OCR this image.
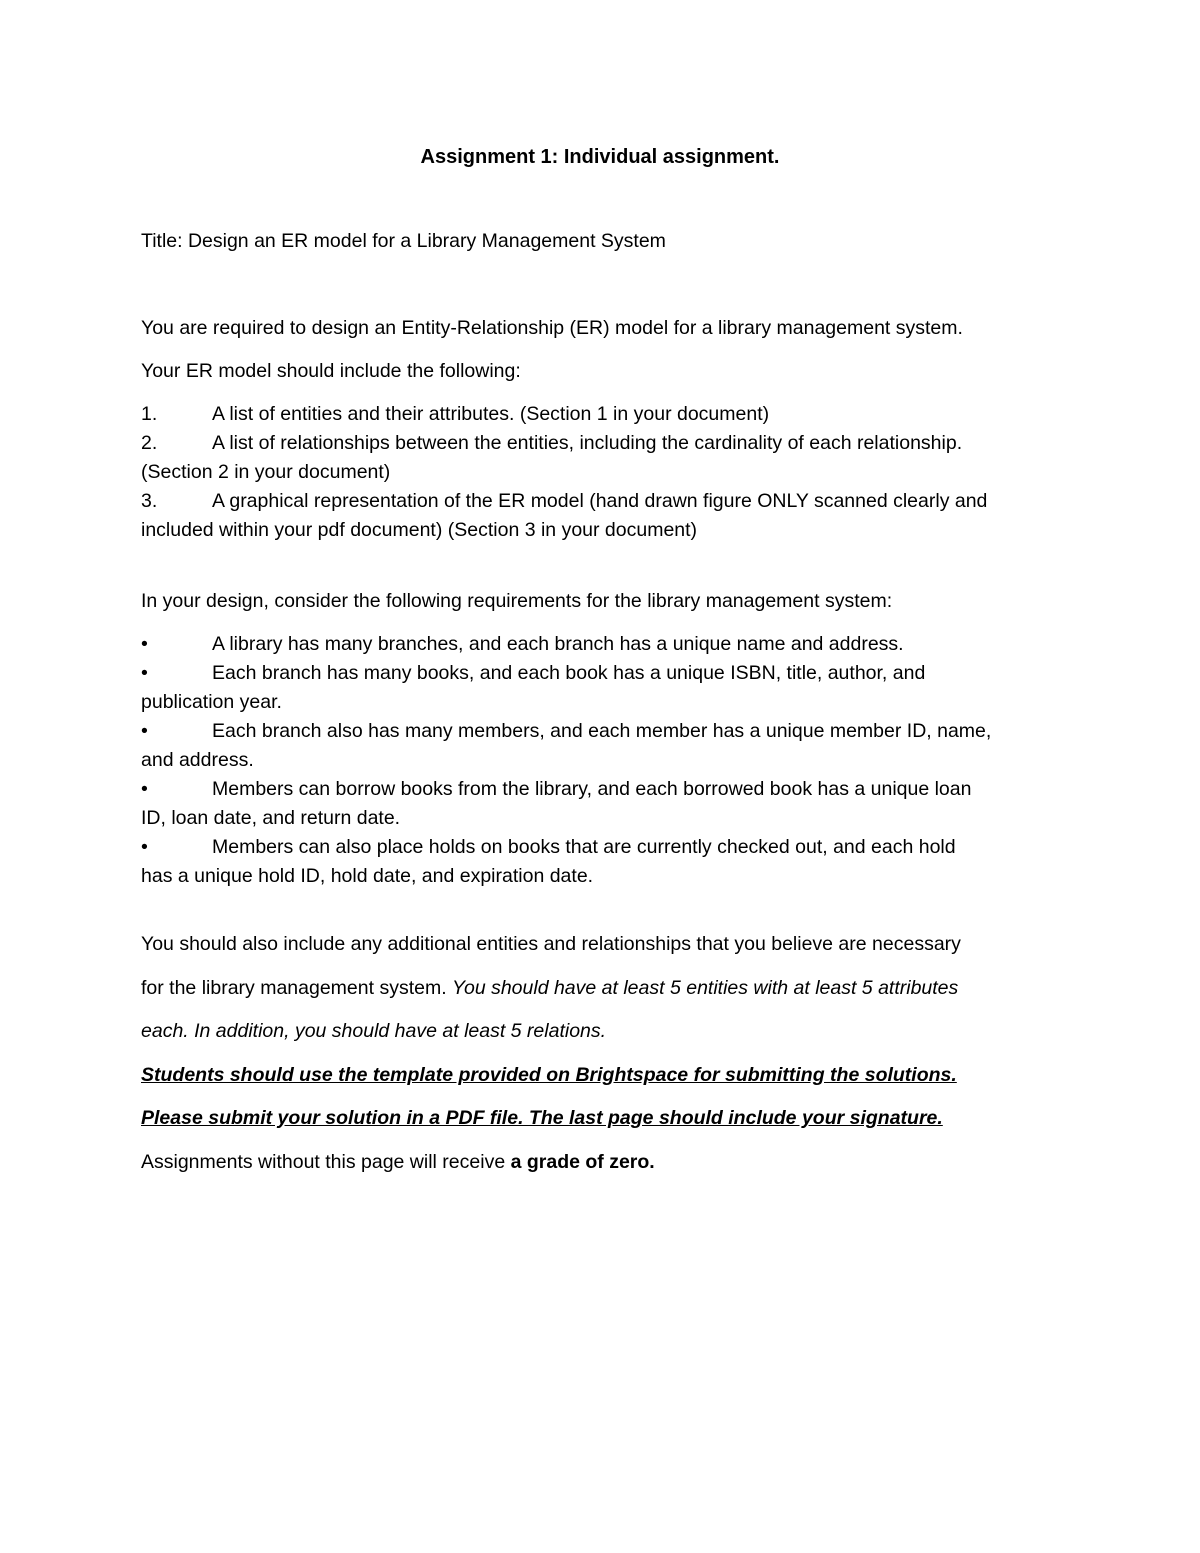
Assignment 1: Individual assignment.

Title: Design an ER model for a Library Management System

You are required to design an Entity-Relationship (ER) model for a library management system.

Your ER model should include the following:

1.	A list of entities and their attributes. (Section 1 in your document)

2.	A list of relationships between the entities, including the cardinality of each relationship.

(Section 2 in your document)

3.	A graphical representation of the ER model (hand drawn figure ONLY scanned clearly and

included within your pdf document) (Section 3 in your document)

In your design, consider the following requirements for the library management system:

•	A library has many branches, and each branch has a unique name and address.

•	Each branch has many books, and each book has a unique ISBN, title, author, and

publication year.

•	Each branch also has many members, and each member has a unique member ID, name,

and address.

•	Members can borrow books from the library, and each borrowed book has a unique loan

ID, loan date, and return date.

•	Members can also place holds on books that are currently checked out, and each hold

has a unique hold ID, hold date, and expiration date.

You should also include any additional entities and relationships that you believe are necessary

for the library management system. You should have at least 5 entities with at least 5 attributes

each. In addition, you should have at least 5 relations.

Students should use the template provided on Brightspace for submitting the solutions.

Please submit your solution in a PDF file. The last page should include your signature.

Assignments without this page will receive a grade of zero.
